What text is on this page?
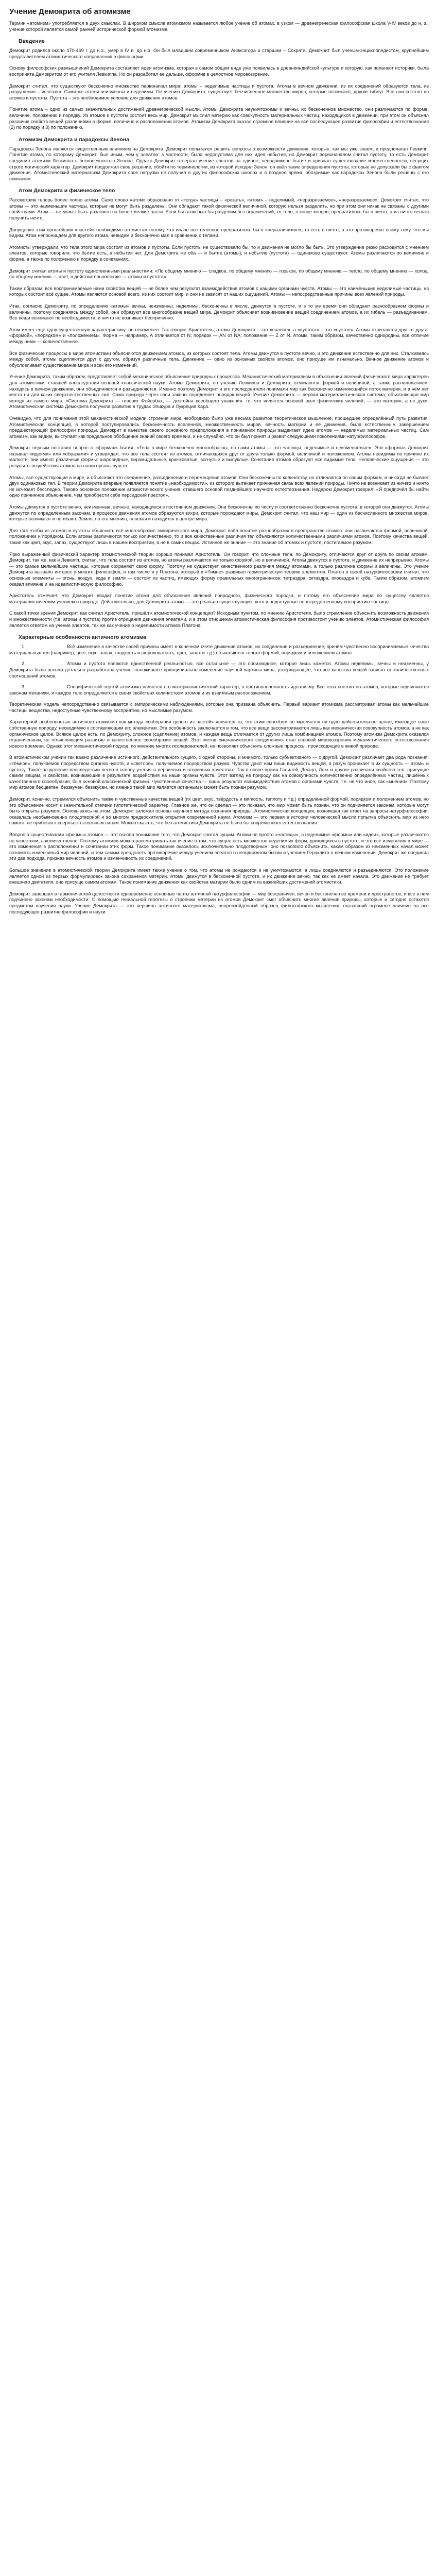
Учение Демокрита об атомизме

Термин «атомизм» употребляется в двух смыслах. В широком смысле атомизмом называется любое учение об атомах, в узком — древнегреческая философская школа V-IV веков до н. э., учение которой является самой ранней исторической формой атомизма.

Введение

Демокрит родился около 470-469 г. до н.э., умер в IV в. до н.э. Он был младшим современником Анаксагора и старшим – Сократа. Демокрит был ученым-энциклопедистом, крупнейшим представителем атомистического направления в философии.

Основу философских размышлений Демокрита составляет идея атомизма, которая в самом общем виде уже появилась в древнеиндийской культуре и которую, как полагают историки, была воспринята Демокритом от его учителя Левкиппа. Но он разработал ее дальше, оформив в целостное мировоззрение.

Демокрит считал, что существуют бесконечно множество первоначал мира: атомы – неделимые частицы и пустота. Атомы в вечном движении, из их соединений образуются тела, из разрушения – исчезают. Сами же атомы неизменны и неделимы. По учению Демокрита, существует бесчисленное множество миров, которые возникают, другие гибнут. Все они состоят из атомов и пустоты. Пустота – это необходимое условие для движения атомов.

Понятие атома – одно из самых значительных достижений древнегреческой мысли. Атомы Демокрита неуничтожимы и вечны, их бесконечное множество, они различаются по форме, величине, положению и порядку. Из атомов и пустоты состоит весь мир. Демокрит мыслил материю как совокупность материальных частиц, находящихся в движении, при этом он объяснял различия свойств вещей различиями в форме, величине и расположении атомов. Атомизм Демокрита оказал огромное влияние на всё последующее развитие философии и естествознания (2) по порядку и 3) по положению.

Атомизм Демокрита и парадоксы Зенона

Парадоксы Зенона являются существенным влиянием на Демокрита. Демокрит попытался решить вопросы о возможности движения, которые, как мы уже знаем, и предполагал Левкипп. Понятие атома, по которому Демокрит, был иным, чем у элеатов: в частности, была недопустима для них идея небытия, но Демокрит первоначалом считал пустоту, то есть Демокрит соединил атомизм Левкиппа с бесконечностью Зенона. Однако Демокрит отвергал учение элеатов на единое, неподвижное бытие и признал существование множественности, несущих строго логический характер. Демокрит продолжил свое решение, обойти по терминологии, из которой исходил Зенон: он ввёл такие определения пустоты, которые не допускали бы с фактом движения. Атомистический материализм Демокрита свое нагрузки не получил в других философских школах и в позднее время, обозримые как парадоксы Зенона были решены с его влиянием.

Атом Демокрита и физическое тело

Рассмотрим теперь более полно атомы. Само слово «атом» образовано от «тогда» частицы – «резать», «атом» – неделимый, «неразрезаемое», «неразрезаемое». Демокрит считал, что атомы — это наименьшие частицы, которые не могут быть разделены. Они обладают такой физической величиной, которую нельзя разделить, но при этом они никак не связаны с другими свойствами. Атом — не может быть разложен на более мелкие части. Если бы атом был бы разделим без ограничений, то тело, в конце концов, превратилось бы в ничто, а из ничто нельзя получить нечто.

Допущение этих простейших «частей» необходимо атомистам потому, что иначе все телесное превратилось бы в «неразличимое», то есть в ничто, а это противоречит всему тому, что мы видим. Атом непроницаем для другого атома, невидим и бесконечно мал в сравнении с телами.

Атомисты утверждали, что тела этого мира состоят из атомов и пустоты. Если пустоты не существовало бы, то и движения не могло бы быть. Это утверждение резко расходится с мнением элеатов, которые говорили, что бытие есть, а небытия нет. Для Демокрита же оба — и бытие (атомы), и небытие (пустота) — одинаково существуют. Атомы различаются по величине и форме, а также по положению и порядку в сочетаниях.

Демокрит считал атомы и пустоту единственными реальностями: «По общему мнению — сладкое, по общему мнению — горькое, по общему мнению — тепло, по общему мнению — холод, по общему мнению — цвет, в действительности же — атомы и пустота».

Таким образом, все воспринимаемые нами свойства вещей — не более чем результат взаимодействия атомов с нашими органами чувств. Атомы — это наименьшие неделимые частицы, из которых состоит всё сущее. Атомы являются основой всего, из них состоит мир, и они не зависят от наших ощущений. Атомы — непосредственные причины всех явлений природы.

Итак, согласно Демокриту, по определению «атомы» вечны, неизменны, неделимы, бесконечны в числе, движутся в пустоте, и в то же время они обладают разнообразием формы и величины, поэтому соединяясь между собой, они образуют все многообразие вещей мира. Демокрит объясняет возникновение вещей соединением атомов, а их гибель — разъединением. Все вещи возникают по необходимости, и ничто не возникает беспричинно.

Атом имеет еще одну существенную характеристику: он неизменен. Так говорит Аристотель, атомы Демокрита – это «полное», а «пустота» – это «пустое». Атомы отличаются друг от друга: «формой», «порядком» и «положением». Форма — например, А отличается от N; порядок — АN от NА; положение — Z от N. Атомы, таким образом, качественно однородны, все отличие между ними — количественное.

Все физические процессы в мире атомистами объясняются движением атомов, из которых состоят тела. Атомы движутся в пустоте вечно, и это движение естественно для них. Сталкиваясь между собой, атомы сцепляются друг с другом, образуя различные тела. Движение — одно из основных свойств атомов, оно присуще им изначально. Вечное движение атомов и обусловливает существование мира и всех его изменений.

Учение Демокрита, таким образом, представляет собой механическое объяснение природных процессов. Механистический материализм в объяснении явлений физического мира характерен для атомистики, ставшей впоследствии основой классической науки. Атомы Демокрита, по учению Левкиппа и Демокрита, отличаются формой и величиной, а также расположением: находясь в вечном движении, они объединяются и разъединяются. Именно поэтому Демокрит и его последователи понимали мир как бесконечно изменяющийся поток материи, и в нём нет места ни для каких сверхъестественных сил. Сама природа через свои законы определяет порядок вещей. Учение Демокрита — первая материалистическая система, объясняющая мир исходя из самого мира. «Система Демокрита — говорит Фейербах, — достойна всеобщего уважения: то, что является основой всех физических явлений, — это материя, а не дух». Атомистическая система Демокрита получила развитие в трудах Эпикура и Лукреция Кара.

Очевидно, что для понимания этой механистической модели строения мира необходимо было уже весьма развитое теоретическое мышление, прошедшее определённый путь развития. Атомистическая концепция, в которой постулировались бесконечность вселенной, множественность миров, вечность материи и её движения, была естественным завершением предшествующей философии природы. Демокрит в качестве своего основного предположения в понимании природы выдвигает идею атомов — неделимых материальных частиц. Сам атомизм, как видим, выступает как предельное обобщение знаний своего времени, и не случайно, что он был принят и развит следующими поколениями натурфилософов.

Демокрит первым поставил вопрос о «формах» бытия: «Тела в мире бесконечно многообразны, но сами атомы — это частицы, неделимые и неизменяемые». Эти «формы» Демокрит называл «идеями» или «образами» и утверждал, что все тела состоят из атомов, отличающихся друг от друга только формой, величиной и положением. Атомы невидимы по причине их малости, они имеют различные формы: шаровидные, пирамидальные, крючковатые, вогнутые и выпуклые. Сочетания атомов образуют все видимые тела. Человеческие ощущения — это результат воздействия атомов на наши органы чувств.

Атомы, все существующие в мире, и объясняют это соединение, разъединение и перемещение атомов. Они бесконечны по количеству, но отличаются по своим формам, и никогда не бывает двух одинаковых тел. В теории Демокрита впервые появляется понятие «необходимости», из которого вытекает причинная связь всех явлений природы. Ничто не возникает из ничего и ничто не исчезает бесследно. Таково основное положение атомистического учения, ставшего основой позднейшего научного естествознания. Недаром Демокрит говорил: «Я предпочёл бы найти одно причинное объяснение, чем приобрести себе персидский престол».

Атомы движутся в пустоте вечно, неизменные, вечные, находящиеся в постоянном движении. Они бесконечны по числу и соответственно бесконечна пустота, в которой они движутся. Атомы движутся по определённым законам, в процессе движения атомов образуются вихри, которые порождают миры. Демокрит считал, что наш мир — один из бесчисленного множества миров, которые возникают и погибают. Земля, по его мнению, плоская и находится в центре мира.

Для того чтобы из атомов и пустоты объяснить всё многообразие эмпирического мира, Демокрит ввёл понятие разнообразия в пространстве атомов: они различаются формой, величиной, положением и порядком. Если атомы различаются только количественно, то и все качественные различия тел объясняются количественными различиями атомов. Поэтому качества вещей, такие как цвет, вкус, запах, существуют лишь в нашем восприятии, а не в самих вещах. Истинное же знание — это знание об атомах и пустоте, постигаемое разумом.

Ярко выраженный физический характер атомистической теории хорошо понимал Аристотель. Он говорит, что сложные тела, по Демокриту, отличаются друг от друга по своим атомам. Демокрит, так же, как и Левкипп, считал, что тела состоят из атомов, но атомы различаются не только формой, но и величиной. Атомы движутся в пустоте, и движение их непрерывно. Атомы — это самые мельчайшие частицы, которые сохраняют свою форму. Поэтому не существует качественного различия между атомами, а только различие формы и величины. Это учение Демокрита вызвало интерес у многих философов, в том числе и у Платона, который в «Тимее» развивал геометрическую теорию элементов. Платон в своей натурфилософии считал, что основные элементы — огонь, воздух, вода и земля — состоят из частиц, имеющих форму правильных многогранников: тетраэдра, октаэдра, икосаэдра и куба. Таким образом, атомизм оказал влияние и на идеалистическую философию.

Аристотель отмечает, что Демокрит вводит понятие атома для объяснения явлений природного, физического порядка, и потому его объяснение мира по существу является материалистическим учением о природе. Действительно, для Демокрита атомы — это реально существующие, хотя и недоступные непосредственному восприятию частицы.

С какой точки зрения Демокрит, как считал Аристотель, пришёл к атомистической концепции? Исходным пунктом, по мнению Аристотеля, было стремление объяснить возможность движения и множественности (т.е. атомы и пустота) против отрицания движения элеатами, и в этом отношении атомистическая философия противостоит учению элеатов. Атомистическая философия является ответом на учение элеатов, так же как учение о неделимости атомов Платона.

Характерные особенности античного атомизма
1.	Всё изменение в качестве своей причины имеет в конечном счете движение атомов, их соединение и разъединение, причём чувственно воспринимаемые качества материальных тел (например, цвет, вкус, запах, гладкость и шероховатость, цвет, запах и т.д.) объясняются только формой, порядком и положением атомов.
2.	Атомы и пустота являются единственной реальностью, все остальное — это производное, которое лишь кажется. Атомы неделимы, вечны и неизменны, у Демокрита была весьма детально разработана учение, положившее принципиально изменение научной картины мира, утверждающее, что все качества вещей зависят от количественных соотношений атомов.
3.	Специфической чертой атомизма является его материалистический характер, в противоположность идеализму. Все тела состоят из атомов, которые подчиняются законам механики, и каждое тело определяется в своих свойствах количеством атомов и их взаимным расположением.

Теоретическая модель непосредственно связывается с эмпирическими наблюдениями, которые она призвана объяснить. Первый вариант атомизма рассматривал атомы как мельчайшие частицы вещества, недоступные чувственному восприятию, но мыслимые разумом.

Характерной особенностью античного атомизма как метода «соборания целого из частей» является то, что этим способом не мысляется ни одно действительное целое, имеющее свою собственную природу, несводимую к составляющим его элементам. Эта особенность заключается в том, что все вещи рассматриваются лишь как механическая совокупность атомов, а не как органическое целое. Всякое целое есть, по Демокриту, сложное (сцепление) атомов, и каждая вещь отличается от других лишь комбинацией атомов. Поэтому атомизм Демокрита оказался ограниченным, не объясняющим развитие и качественное своеобразие вещей. Этот метод «механического соединения» стал основой мировоззрения механистического естествознания нового времени. Однако этот механистический подход, по мнению многих исследователей, не позволяет объяснить сложные процессы, происходящие в живой природе.

В атомистическом учении так важно различение истинного, действительного сущего, с одной стороны, и мнимого, только субъективного — с другой. Демокрит различает два рода познания: «тёмное», получаемое посредством органов чувств, и «светлое», получаемое посредством разума. Чувства дают нам лишь видимость вещей, а разум проникает в их сущность — атомы и пустоту. Такое разделение впоследствии легло в основу учения о первичных и вторичных качествах. Так в новое время Галилей, Декарт, Локк и другие различали свойства тел, присущие самим вещам, и свойства, возникающие в результате воздействия на наши органы чувств. Этот взгляд на природу как на совокупность количественно определённых частиц, лишённых качественного своеобразия, был основой классической физики. Чувственные качества — лишь результат взаимодействия атомов с органами чувств, т.е. не что иное, как «мнения». Поэтому мир атомов бесцветен, беззвучен, безвкусен, но именно такой мир является истинным и может быть познан разумом.

Демокрит, конечно, стремился объяснить также и чувственные качества вещей (их цвет, вкус, твёрдость и мягкость, теплоту и т.д.) определённой формой, порядком и положением атомов, но это объяснение носит в значительной степени гипотетический характер. Главное же, что он сделал — это показал, что мир может быть познан, что он подчиняется законам, которые могут быть открыты разумом. Основываясь на этом, Демокрит заложил основы научного метода познания природы. Атомистическая концепция, возникшая как ответ на запросы натурфилософии, оказалась необыкновенно плодотворной и во многом предвосхитила открытия современной науки. Атомизм — это первая в истории человеческой мысли попытка объяснить мир из него самого, не прибегая к сверхъестественным силам. Можно сказать, что без атомистики Демокрита не было бы современного естествознания.

Вопрос о существовании «формы» атомов — это основа понимания того, что Демокрит считал сущим. Атомы не просто «частицы», а неделимые «формы» или «идеи», которые различаются не качеством, а количественно. Поэтому атомизм можно рассматривать как учение о том, что сущее есть множество неделимых форм, движущихся в пустоте, и что все изменения в мире — это изменения в расположении и сочетании этих форм. Такое понимание оказалось исключительно плодотворным: оно позволило объяснить, каким образом из неизменных начал может возникать изменчивый мир явлений, и тем самым преодолеть противоречие между учением элеатов о неподвижном бытии и учением Гераклита о вечном изменении. Демокрит же соединил эти два подхода, признав вечность атомов и изменчивость их соединений.

Большое значение в атомистической теории Демокрита имеет также учение о том, что атомы не рождаются и не уничтожаются, а лишь соединяются и разъединяются. Это положение является одной из первых формулировок закона сохранения материи. Атомы движутся в бесконечной пустоте, и их движение вечно, так как не имеет начала. Это движение не требует внешнего двигателя, оно присуще самим атомам. Такое понимание движения как свойства материи было одним из важнейших достижений атомистики.

Демокрит завершил в гармонической целостности одновременно основные черты античной натурфилософии — мир безграничен, вечен и бесконечен во времени и пространстве, и все в нём подчинено законам необходимости. С помощью гениальной гипотезы о строении материи из атомов Демокрит смог объяснить многие явления природы, которые и сегодня остаются предметом изучения науки. Учение Демокрита — это вершина античного материализма, непревзойдённый образец философского мышления, оказавший огромное влияние на всё последующее развитие философии и науки.
